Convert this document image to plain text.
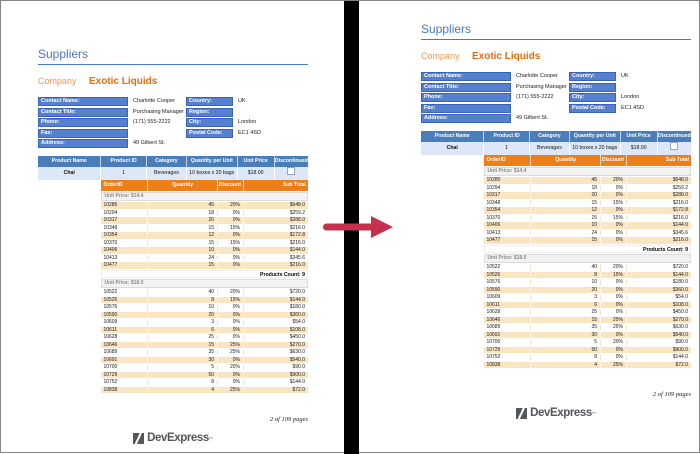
Suppliers
Company Exotic Liquids
Contact Name:	Charlotte Cooper
Contact Title:	Purchasing Manager
Phone:	(171) 555-2222
Fax:
Address:	49 Gilbert St.
Country:	UK
Region:
City:	London
Postal Code:	EC1 4SD
Product Name	Product ID	Category	Quantity per Unit	Unit Price	Discontinued
Chai	1	Beverages	10 boxes x 20 bags	$18.00
OrderID	Quantity	Discount	Sub Total
Unit Price: $14.4
10285	45	20%	$648.0
10294	18	0%	$259.2
10317	20	0%	$288.0
10348	15	15%	$216.0
10354	12	0%	$172.8
10370	15	15%	$216.0
10406	10	0%	$144.0
10413	24	0%	$345.6
10477	15	0%	$216.0
Products Count: 9
Unit Price: $18.0
10522	40	20%	$720.0
10526	8	15%	$144.0
10576	10	0%	$180.0
10590	20	0%	$360.0
10609	3	0%	$54.0
10611	6	0%	$108.0
10628	25	0%	$450.0
10646	15	25%	$270.0
10689	35	25%	$630.0
10691	30	0%	$540.0
10700	5	20%	$90.0
10729	50	0%	$900.0
10752	8	0%	$144.0
10838	4	25%	$72.0
2 of 109 pages
DevExpress ™
Suppliers
Company Exotic Liquids
Contact Name:	Charlotte Cooper
Contact Title:	Purchasing Manager
Phone:	(171) 555-2222
Fax:
Address:	49 Gilbert St.
Country:	UK
Region:
City:	London
Postal Code:	EC1 4SD
Product Name	Product ID	Category	Quantity per Unit	Unit Price	Discontinued
Chai	1	Beverages	10 boxes x 20 bags	$18.00
OrderID	Quantity	Discount	Sub Total
Unit Price: $14.4
10285	45	20%	$648.0
10294	18	0%	$259.2
10317	20	0%	$288.0
10348	15	15%	$216.0
10354	12	0%	$172.8
10370	15	15%	$216.0
10406	10	0%	$144.0
10413	24	0%	$345.6
10477	15	0%	$216.0
Products Count: 9
Unit Price: $18.0
10522	40	20%	$720.0
10526	8	15%	$144.0
10576	10	0%	$180.0
10590	20	0%	$360.0
10609	3	0%	$54.0
10611	6	0%	$108.0
10628	25	0%	$450.0
10646	15	25%	$270.0
10689	35	25%	$630.0
10691	30	0%	$540.0
10700	5	20%	$90.0
10729	50	0%	$900.0
10752	8	0%	$144.0
10838	4	25%	$72.0
2 of 109 pages
DevExpress ™
